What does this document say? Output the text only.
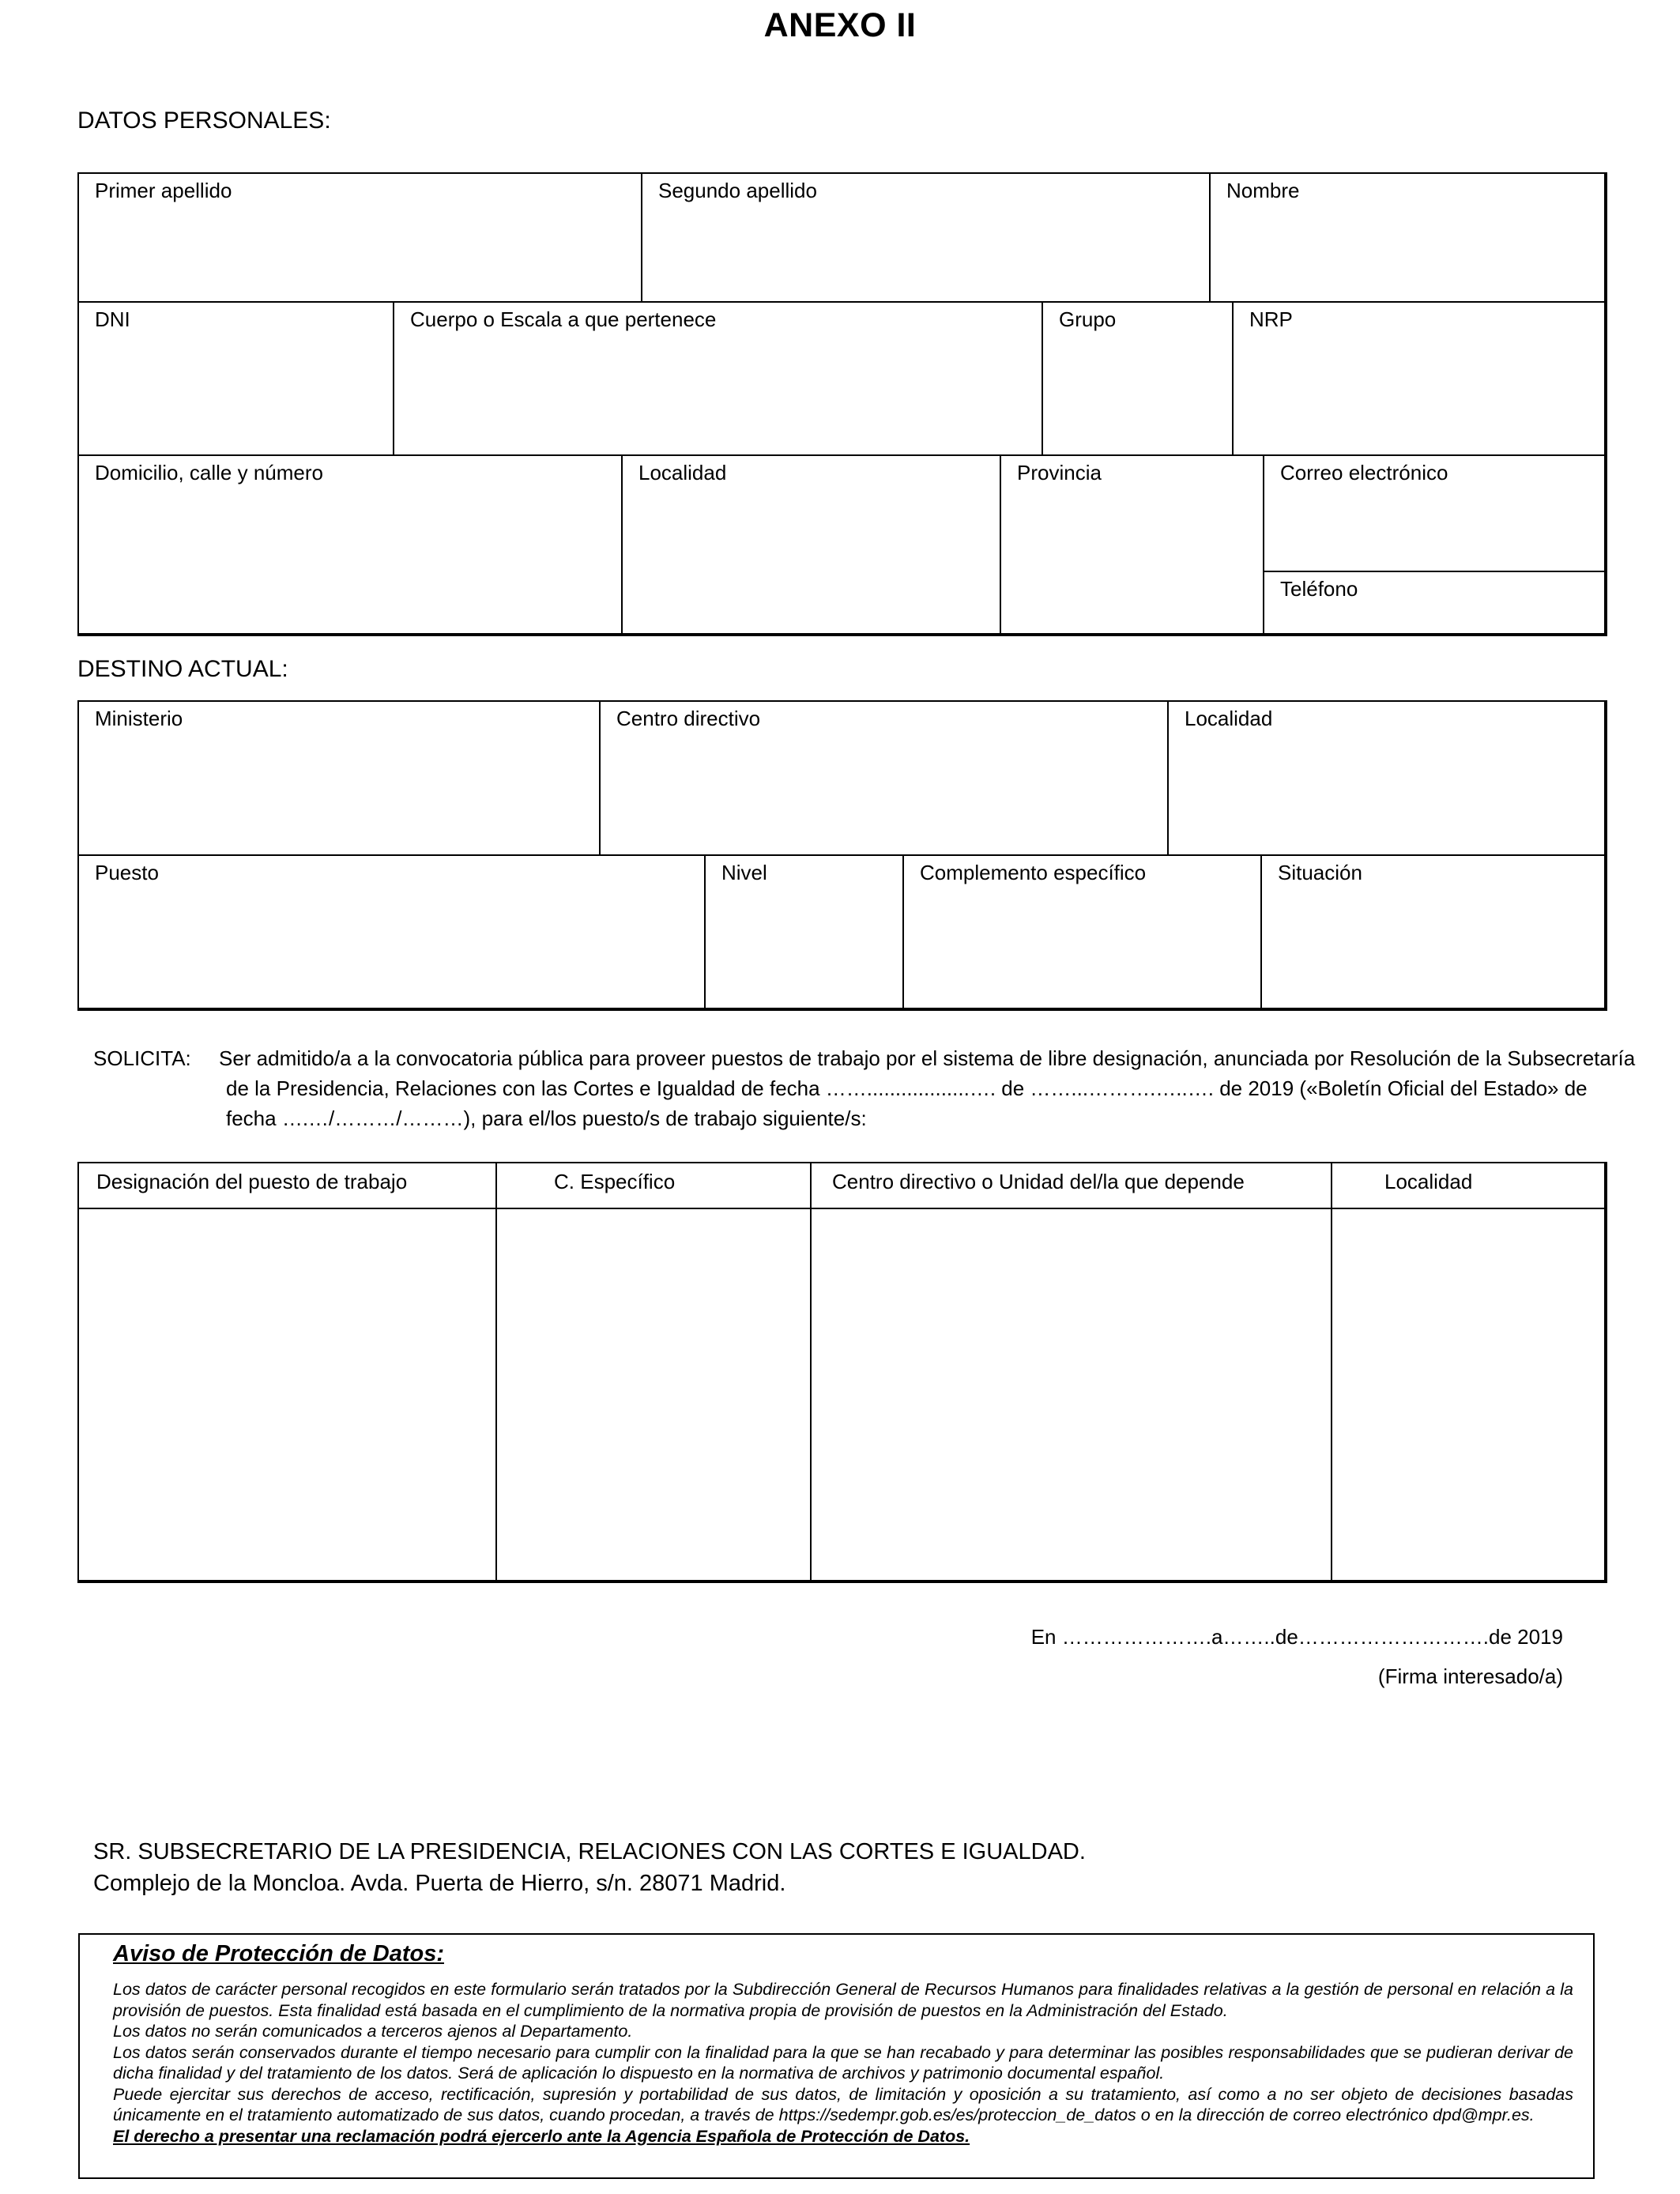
ANEXO II
DATOS PERSONALES:
Primer apellido	Segundo apellido	Nombre
DNI	Cuerpo o Escala a que pertenece	Grupo	NRP
Domicilio, calle y número	Localidad	Provincia	Correo electrónico
Teléfono
DESTINO ACTUAL:
Ministerio	Centro directivo	Localidad
Puesto	Nivel	Complemento específico	Situación
SOLICITA: Ser admitido/a a la convocatoria pública para proveer puestos de trabajo por el sistema de libre designación, anunciada por Resolución de la Subsecretaría
de la Presidencia, Relaciones con las Cortes e Igualdad de fecha ……..................…. de ……...……….…..…. de 2019 («Boletín Oficial del Estado» de
fecha ….…/………/………), para el/los puesto/s de trabajo siguiente/s:
Designación del puesto de trabajo	C. Específico	Centro directivo o Unidad del/la que depende	Localidad
En ………………….a……..de……………………….de 2019
(Firma interesado/a)
SR. SUBSECRETARIO DE LA PRESIDENCIA, RELACIONES CON LAS CORTES E IGUALDAD.
Complejo de la Moncloa. Avda. Puerta de Hierro, s/n. 28071 Madrid.
Aviso de Protección de Datos:

Los datos de carácter personal recogidos en este formulario serán tratados por la Subdirección General de Recursos Humanos para finalidades relativas a la gestión de personal en relación a la provisión de puestos. Esta finalidad está basada en el cumplimiento de la normativa propia de provisión de puestos en la Administración del Estado.

Los datos no serán comunicados a terceros ajenos al Departamento.

Los datos serán conservados durante el tiempo necesario para cumplir con la finalidad para la que se han recabado y para determinar las posibles responsabilidades que se pudieran derivar de dicha finalidad y del tratamiento de los datos. Será de aplicación lo dispuesto en la normativa de archivos y patrimonio documental español.

Puede ejercitar sus derechos de acceso, rectificación, supresión y portabilidad de sus datos, de limitación y oposición a su tratamiento, así como a no ser objeto de decisiones basadas únicamente en el tratamiento automatizado de sus datos, cuando procedan, a través de https://sedempr.gob.es/es/proteccion_de_datos o en la dirección de correo electrónico dpd@mpr.es.

El derecho a presentar una reclamación podrá ejercerlo ante la Agencia Española de Protección de Datos.
